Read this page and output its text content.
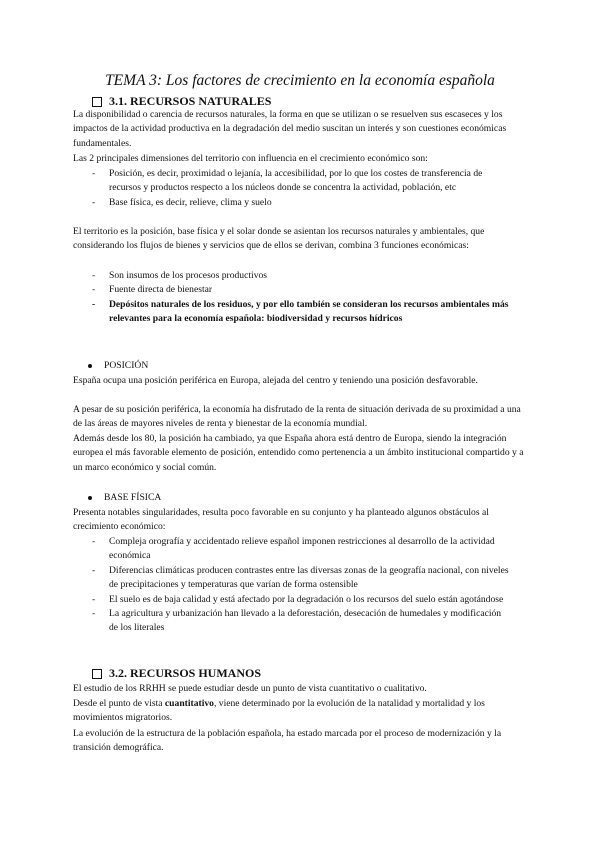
TEMA 3: Los factores de crecimiento en la economía española
3.1. RECURSOS NATURALES
La disponibilidad o carencia de recursos naturales, la forma en que se utilizan o se resuelven sus escaseces y los impactos de la actividad productiva en la degradación del medio suscitan un interés y son cuestiones económicas fundamentales.
Las 2 principales dimensiones del territorio con influencia en el crecimiento económico son:
- Posición, es decir, proximidad o lejanía, la accesibilidad, por lo que los costes de transferencia de recursos y productos respecto a los núcleos donde se concentra la actividad, población, etc
- Base física, es decir, relieve, clima y suelo
El territorio es la posición, base física y el solar donde se asientan los recursos naturales y ambientales, que considerando los flujos de bienes y servicios que de ellos se derivan, combina 3 funciones económicas:
- Son insumos de los procesos productivos
- Fuente directa de bienestar
- Depósitos naturales de los residuos, y por ello también se consideran los recursos ambientales más relevantes para la economía española: biodiversidad y recursos hídricos
POSICIÓN
España ocupa una posición periférica en Europa, alejada del centro y teniendo una posición desfavorable.
A pesar de su posición periférica, la economía ha disfrutado de la renta de situación derivada de su proximidad a una de las áreas de mayores niveles de renta y bienestar de la economía mundial.
Además desde los 80, la posición ha cambiado, ya que España ahora está dentro de Europa, siendo la integración europea el más favorable elemento de posición, entendido como pertenencia a un ámbito institucional compartido y a un marco económico y social común.
BASE FÍSICA
Presenta notables singularidades, resulta poco favorable en su conjunto y ha planteado algunos obstáculos al crecimiento económico:
- Compleja orografía y accidentado relieve español imponen restricciones al desarrollo de la actividad económica
- Diferencias climáticas producen contrastes entre las diversas zonas de la geografía nacional, con niveles de precipitaciones y temperaturas que varían de forma ostensible
- El suelo es de baja calidad y está afectado por la degradación o los recursos del suelo están agotándose
- La agricultura y urbanización han llevado a la deforestación, desecación de humedales y modificación de los literales
3.2. RECURSOS HUMANOS
El estudio de los RRHH se puede estudiar desde un punto de vista cuantitativo o cualitativo.
Desde el punto de vista cuantitativo, viene determinado por la evolución de la natalidad y mortalidad y los movimientos migratorios.
La evolución de la estructura de la población española, ha estado marcada por el proceso de modernización y la transición demográfica.
